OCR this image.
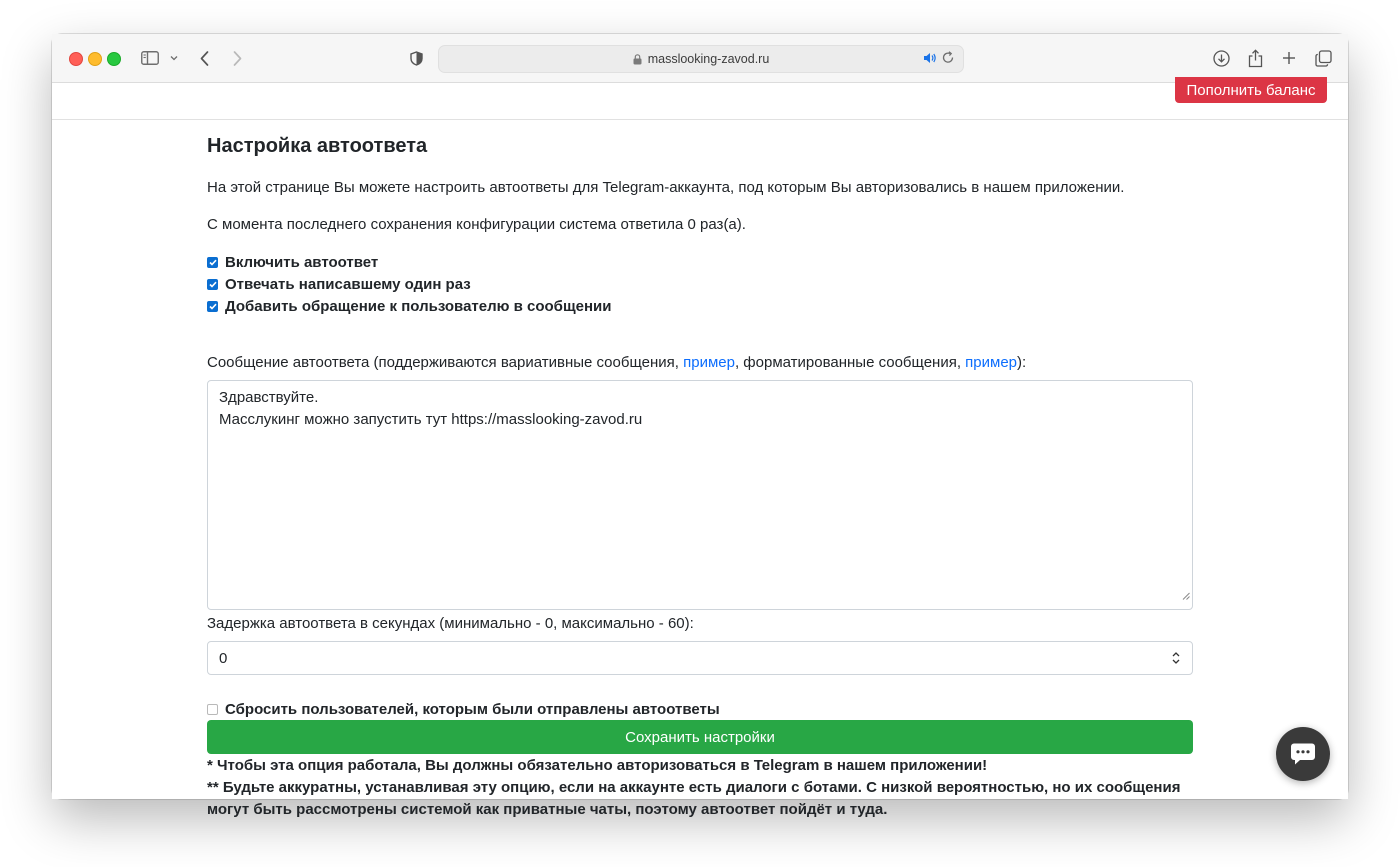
masslooking-zavod.ru
Пополнить баланс
Настройка автоответа

На этой странице Вы можете настроить автоответы для Telegram-аккаунта, под которым Вы авторизовались в нашем приложении.

С момента последнего сохранения конфигурации система ответила 0 раз(а).

Включить автоответ
Отвечать написавшему один раз
Добавить обращение к пользователю в сообщении

Сообщение автоответа (поддерживаются вариативные сообщения, пример, форматированные сообщения, пример):

Здравствуйте.
Масслукинг можно запустить тут https://masslooking-zavod.ru

Задержка автоответа в секундах (минимально - 0, максимально - 60):

0
Сбросить пользователей, которым были отправлены автоответы
Сохранить настройки
* Чтобы эта опция работала, Вы должны обязательно авторизоваться в Telegram в нашем приложении!
** Будьте аккуратны, устанавливая эту опцию, если на аккаунте есть диалоги с ботами. С низкой вероятностью, но их сообщения
могут быть рассмотрены системой как приватные чаты, поэтому автоответ пойдёт и туда.
